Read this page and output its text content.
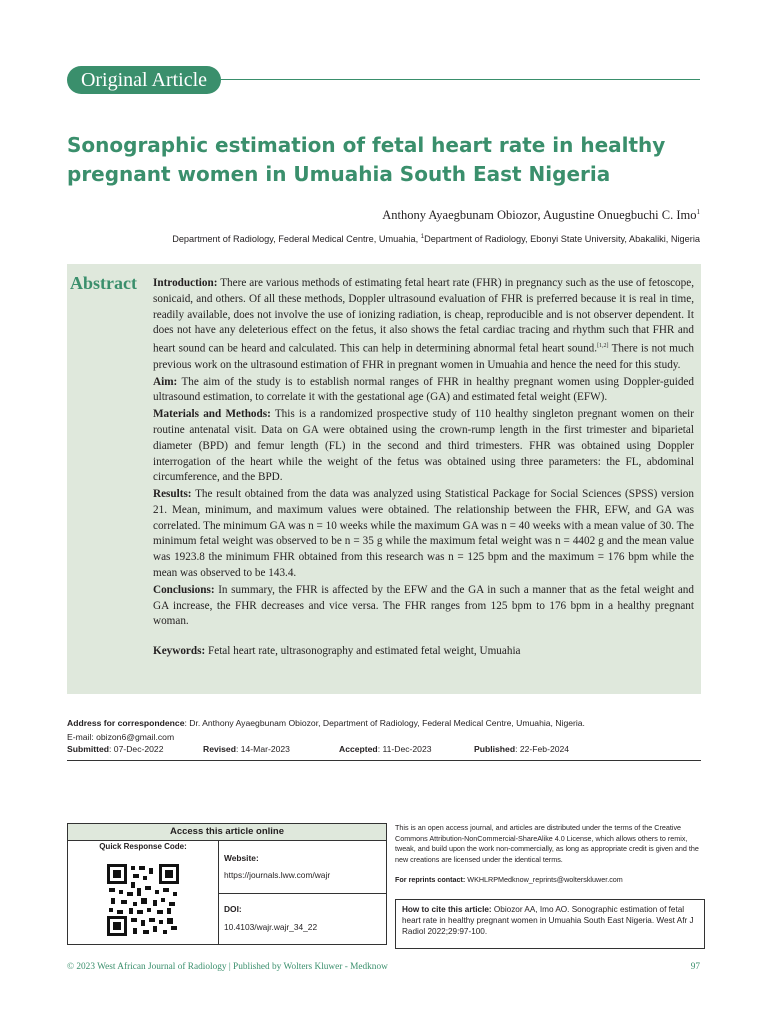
Original Article
Sonographic estimation of fetal heart rate in healthy pregnant women in Umuahia South East Nigeria
Anthony Ayaegbunam Obiozor, Augustine Onuegbuchi C. Imo$^1$
Department of Radiology, Federal Medical Centre, Umuahia, $^1$Department of Radiology, Ebonyi State University, Abakaliki, Nigeria
Abstract Introduction: There are various methods of estimating fetal heart rate (FHR) in pregnancy such as the use of fetoscope, sonicaid, and others. Of all these methods, Doppler ultrasound evaluation of FHR is preferred because it is real in time, readily available, does not involve the use of ionizing radiation, is cheap, reproducible and is not observer dependent. It does not have any deleterious effect on the fetus, it also shows the fetal cardiac tracing and rhythm such that FHR and heart sound can be heard and calculated. This can help in determining abnormal fetal heart sound.[1,2] There is not much previous work on the ultrasound estimation of FHR in pregnant women in Umuahia and hence the need for this study.

Aim: The aim of the study is to establish normal ranges of FHR in healthy pregnant women using Doppler-guided ultrasound estimation, to correlate it with the gestational age (GA) and estimated fetal weight (EFW).

Materials and Methods: This is a randomized prospective study of 110 healthy singleton pregnant women on their routine antenatal visit. Data on GA were obtained using the crown-rump length in the first trimester and biparietal diameter (BPD) and femur length (FL) in the second and third trimesters. FHR was obtained using Doppler interrogation of the heart while the weight of the fetus was obtained using three parameters: the FL, abdominal circumference, and the BPD.

Results: The result obtained from the data was analyzed using Statistical Package for Social Sciences (SPSS) version 21. Mean, minimum, and maximum values were obtained. The relationship between the FHR, EFW, and GA was correlated. The minimum GA was n = 10 weeks while the maximum GA was n = 40 weeks with a mean value of 30. The minimum fetal weight was observed to be n = 35 g while the maximum fetal weight was n = 4402 g and the mean value was 1923.8 the minimum FHR obtained from this research was n = 125 bpm and the maximum = 176 bpm while the mean was observed to be 143.4.

Conclusions: In summary, the FHR is affected by the EFW and the GA in such a manner that as the fetal weight and GA increase, the FHR decreases and vice versa. The FHR ranges from 125 bpm to 176 bpm in a healthy pregnant woman.

Keywords: Fetal heart rate, ultrasonography and estimated fetal weight, Umuahia

Address for correspondence: Dr. Anthony Ayaegbunam Obiozor, Department of Radiology, Federal Medical Centre, Umuahia, Nigeria.
E-mail: obizon6@gmail.com
Submitted: 07-Dec-2022	Revised: 14-Mar-2023	Accepted: 11-Dec-2023	Published: 22-Feb-2024
Access this article online
Quick Response Code:
Website:
https://journals.lww.com/wajr
DOI:
10.4103/wajr.wajr_34_22
This is an open access journal, and articles are distributed under the terms of the Creative Commons Attribution-NonCommercial-ShareAlike 4.0 License, which allows others to remix, tweak, and build upon the work non-commercially, as long as appropriate credit is given and the new creations are licensed under the identical terms.
For reprints contact: WKHLRPMedknow_reprints@wolterskluwer.com
How to cite this article: Obiozor AA, Imo AO. Sonographic estimation of fetal heart rate in healthy pregnant women in Umuahia South East Nigeria. West Afr J Radiol 2022;29:97-100.
© 2023 West African Journal of Radiology | Published by Wolters Kluwer - Medknow	97
